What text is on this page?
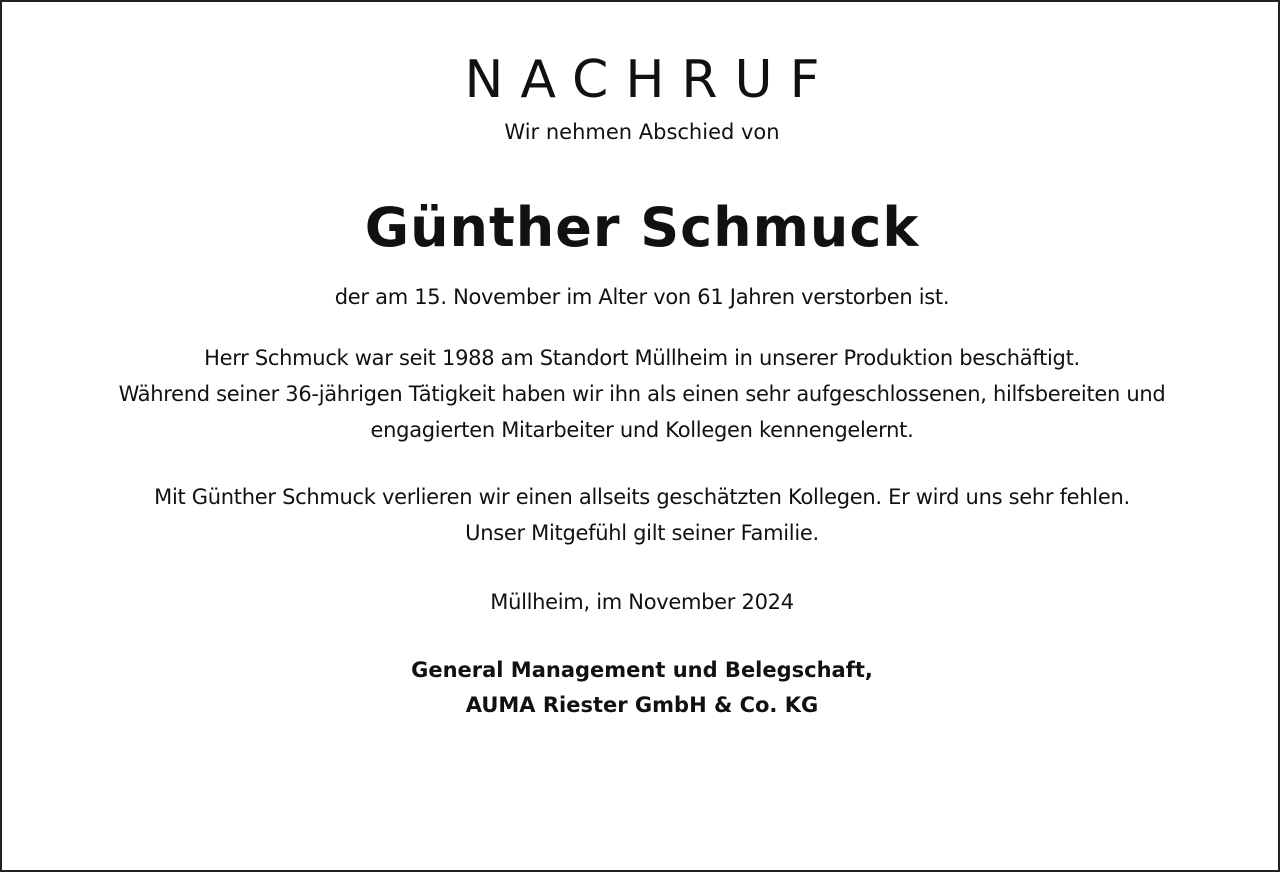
NACHRUF
Wir nehmen Abschied von
Günther Schmuck
der am 15. November im Alter von 61 Jahren verstorben ist.
Herr Schmuck war seit 1988 am Standort Müllheim in unserer Produktion beschäftigt.
Während seiner 36-jährigen Tätigkeit haben wir ihn als einen sehr aufgeschlossenen, hilfsbereiten und
engagierten Mitarbeiter und Kollegen kennengelernt.
Mit Günther Schmuck verlieren wir einen allseits geschätzten Kollegen. Er wird uns sehr fehlen.
Unser Mitgefühl gilt seiner Familie.
Müllheim, im November 2024
General Management und Belegschaft,
AUMA Riester GmbH & Co. KG
